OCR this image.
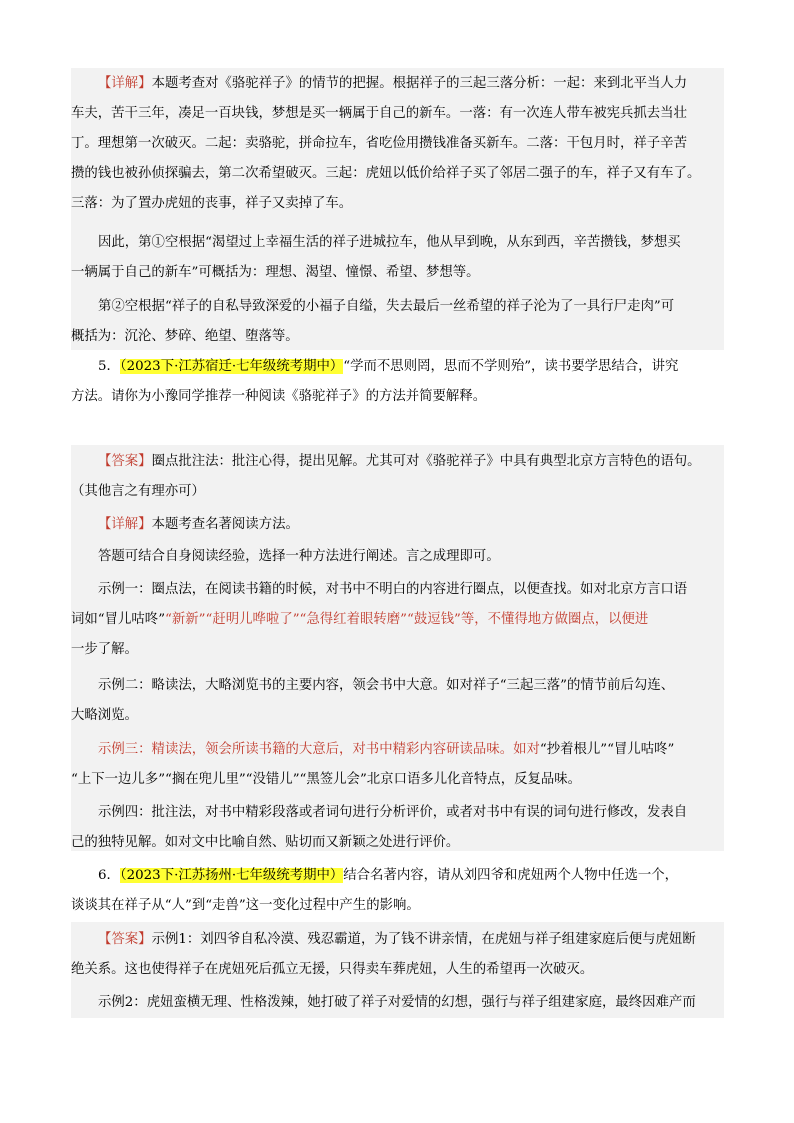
【详解】本题考查对《骆驼祥子》的情节的把握。根据祥子的三起三落分析：一起：来到北平当人力
车夫，苦干三年，凑足一百块钱，梦想是买一辆属于自己的新车。一落：有一次连人带车被宪兵抓去当壮
丁。理想第一次破灭。二起：卖骆驼，拼命拉车，省吃俭用攒钱准备买新车。二落：干包月时，祥子辛苦
攒的钱也被孙侦探骗去，第二次希望破灭。三起：虎妞以低价给祥子买了邻居二强子的车，祥子又有车了。
三落：为了置办虎妞的丧事，祥子又卖掉了车。
因此，第①空根据“渴望过上幸福生活的祥子进城拉车，他从早到晚，从东到西，辛苦攒钱，梦想买
一辆属于自己的新车”可概括为：理想、渴望、憧憬、希望、梦想等。
第②空根据“祥子的自私导致深爱的小福子自缢，失去最后一丝希望的祥子沦为了一具行尸走肉”可
概括为：沉沦、梦碎、绝望、堕落等。
5．（2023下·江苏宿迁·七年级统考期中）“学而不思则罔，思而不学则殆”，读书要学思结合，讲究
方法。请你为小豫同学推荐一种阅读《骆驼祥子》的方法并简要解释。
【答案】圈点批注法：批注心得，提出见解。尤其可对《骆驼祥子》中具有典型北京方言特色的语句。
（其他言之有理亦可）
【详解】本题考查名著阅读方法。
答题可结合自身阅读经验，选择一种方法进行阐述。言之成理即可。
示例一：圈点法，在阅读书籍的时候，对书中不明白的内容进行圈点，以便查找。如对北京方言口语
词如“冒儿咕咚”“新新”“赶明儿哗啦了”“急得红着眼转磨”“鼓逗钱”等，不懂得地方做圈点，以便进
一步了解。
示例二：略读法，大略浏览书的主要内容，领会书中大意。如对祥子“三起三落”的情节前后勾连、
大略浏览。
示例三：精读法，领会所读书籍的大意后，对书中精彩内容研读品味。如对“抄着根儿”“冒儿咕咚”
“上下一边儿多”“搁在兜儿里”“没错儿”“黑签儿会”北京口语多儿化音特点，反复品味。
示例四：批注法，对书中精彩段落或者词句进行分析评价，或者对书中有误的词句进行修改，发表自
己的独特见解。如对文中比喻自然、贴切而又新颖之处进行评价。
6．（2023下·江苏扬州·七年级统考期中）结合名著内容，请从刘四爷和虎妞两个人物中任选一个，
谈谈其在祥子从“人”到“走兽”这一变化过程中产生的影响。
【答案】示例1：刘四爷自私冷漠、残忍霸道，为了钱不讲亲情，在虎妞与祥子组建家庭后便与虎妞断
绝关系。这也使得祥子在虎妞死后孤立无援，只得卖车葬虎妞，人生的希望再一次破灭。
示例2：虎妞蛮横无理、性格泼辣，她打破了祥子对爱情的幻想，强行与祥子组建家庭，最终因难产而
